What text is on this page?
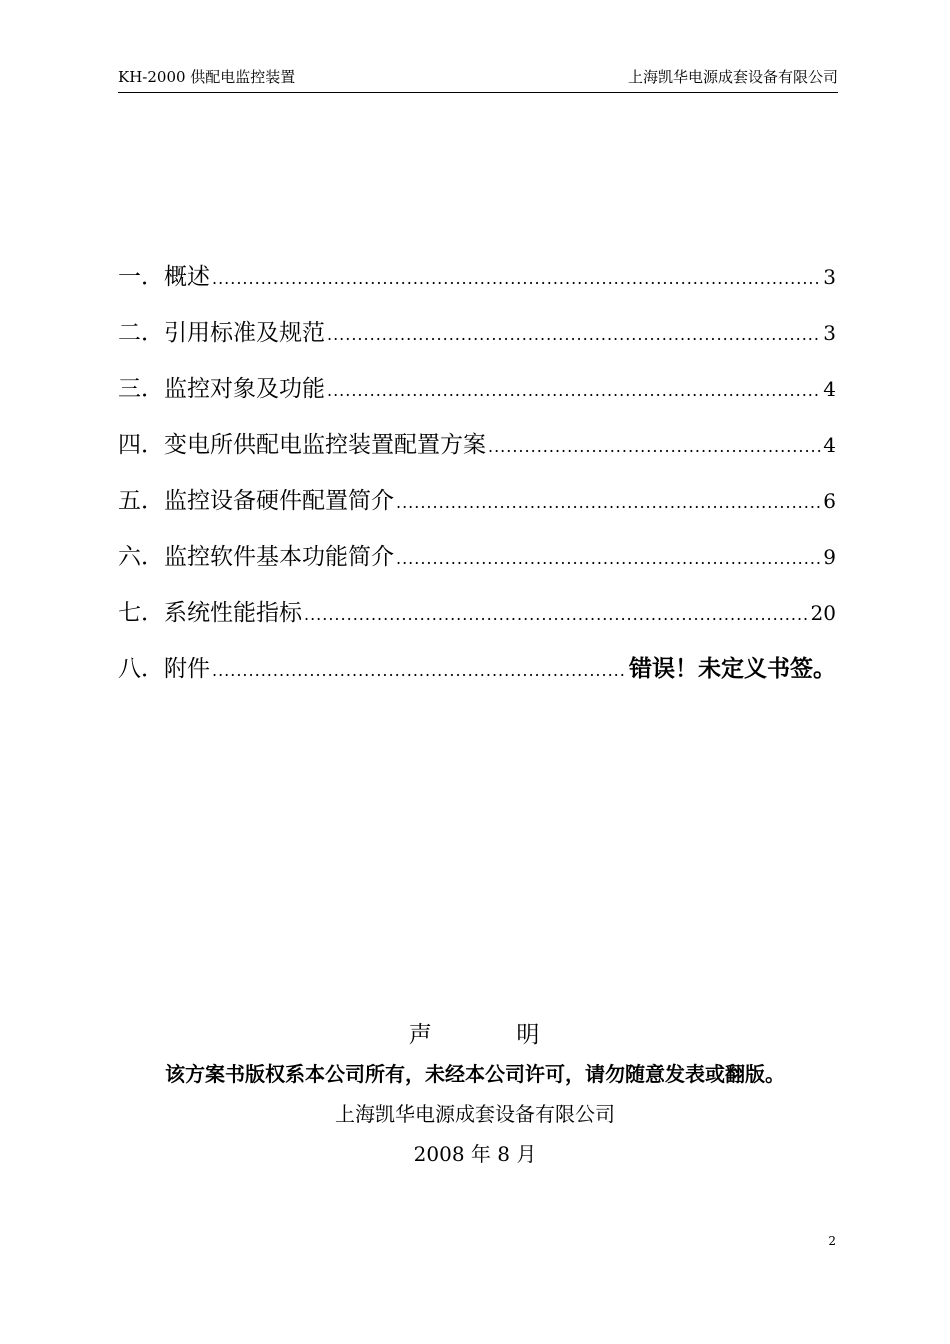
KH-2000 供配电监控装置	上海凯华电源成套设备有限公司
一． 概述 .....	3
二． 引用标准及规范 .....	3
三． 监控对象及功能 .....	4
四． 变电所供配电监控装置配置方案 .....	4
五． 监控设备硬件配置简介 .....	6
六． 监控软件基本功能简介 .....	9
七． 系统性能指标 .....	20
八． 附件 .....	错误！未定义书签。
声	明
该方案书版权系本公司所有，未经本公司许可，请勿随意发表或翻版。
上海凯华电源成套设备有限公司
2008 年 8 月
2
